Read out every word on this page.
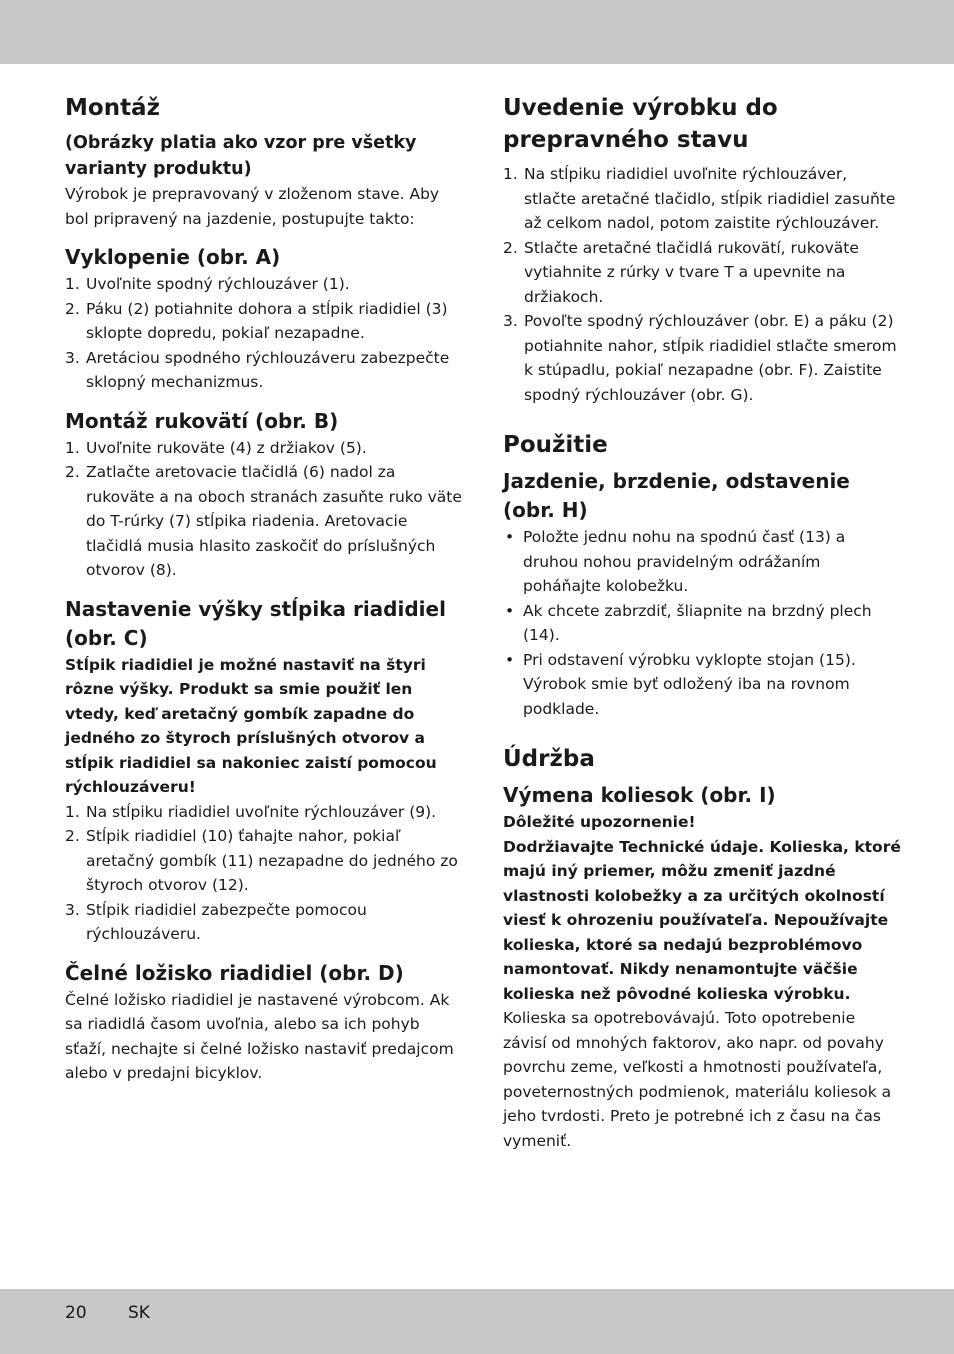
Montáž
(Obrázky platia ako vzor pre všetky varianty produktu)

Výrobok je prepravovaný v zloženom stave. Aby bol pripravený na jazdenie, postupujte takto:

Vyklopenie (obr. A)
1. Uvoľnite spodný rýchlouzáver (1).
2. Páku (2) potiahnite dohora a stĺpik riadidiel (3) sklopte dopredu, pokiaľ nezapadne.
3. Aretáciou spodného rýchlouzáveru zabezpečte sklopný mechanizmus.
Montáž rukovätí (obr. B)
1. Uvoľnite rukoväte (4) z držiakov (5).
2. Zatlačte aretovacie tlačidlá (6) nadol za rukoväte a na oboch stranách zasuňte ruko väte do T-rúrky (7) stĺpika riadenia. Aretovacie tlačidlá musia hlasito zaskočiť do príslušných otvorov (8).
Nastavenie výšky stĺpika riadidiel (obr. C)
Stĺpik riadidiel je možné nastaviť na štyri rôzne výšky. Produkt sa smie použiť len vtedy, keď aretačný gombík zapadne do jedného zo štyroch príslušných otvorov a stĺpik riadidiel sa nakoniec zaistí pomocou rýchlouzáveru!
1. Na stĺpiku riadidiel uvoľnite rýchlouzáver (9).
2. Stĺpik riadidiel (10) ťahajte nahor, pokiaľ aretačný gombík (11) nezapadne do jedného zo štyroch otvorov (12).
3. Stĺpik riadidiel zabezpečte pomocou rýchlouzáveru.
Čelné ložisko riadidiel (obr. D)

Čelné ložisko riadidiel je nastavené výrobcom. Ak sa riadidlá časom uvoľnia, alebo sa ich pohyb sťaží, nechajte si čelné ložisko nastaviť predajcom alebo v predajni bicyklov.

Uvedenie výrobku do prepravného stavu
1. Na stĺpiku riadidiel uvoľnite rýchlouzáver, stlačte aretačné tlačidlo, stĺpik riadidiel zasuňte až celkom nadol, potom zaistite rýchlouzáver.
2. Stlačte aretačné tlačidlá rukovätí, rukoväte vytiahnite z rúrky v tvare T a upevnite na držiakoch.
3. Povoľte spodný rýchlouzáver (obr. E) a páku (2) potiahnite nahor, stĺpik riadidiel stlačte smerom k stúpadlu, pokiaľ nezapadne (obr. F). Zaistite spodný rýchlouzáver (obr. G).
Použitie
Jazdenie, brzdenie, odstavenie (obr. H)
• Položte jednu nohu na spodnú časť (13) a druhou nohou pravidelným odrážaním poháňajte kolobežku.
• Ak chcete zabrzdiť, šliapnite na brzdný plech (14).
• Pri odstavení výrobku vyklopte stojan (15). Výrobok smie byť odložený iba na rovnom podklade.
Údržba
Výmena koliesok (obr. I)
Dôležité upozornenie!
Dodržiavajte Technické údaje. Kolieska, ktoré majú iný priemer, môžu zmeniť jazdné vlastnosti kolobežky a za určitých okolností viesť k ohrozeniu používateľa. Nepoužívajte kolieska, ktoré sa nedajú bezproblémovo namontovať. Nikdy nenamontujte väčšie kolieska než pôvodné kolieska výrobku.

Kolieska sa opotrebovávajú. Toto opotrebenie závisí od mnohých faktorov, ako napr. od povahy povrchu zeme, veľkosti a hmotnosti používateľa, poveternostných podmienok, materiálu koliesok a jeho tvrdosti. Preto je potrebné ich z času na čas vymeniť.

20 SK
